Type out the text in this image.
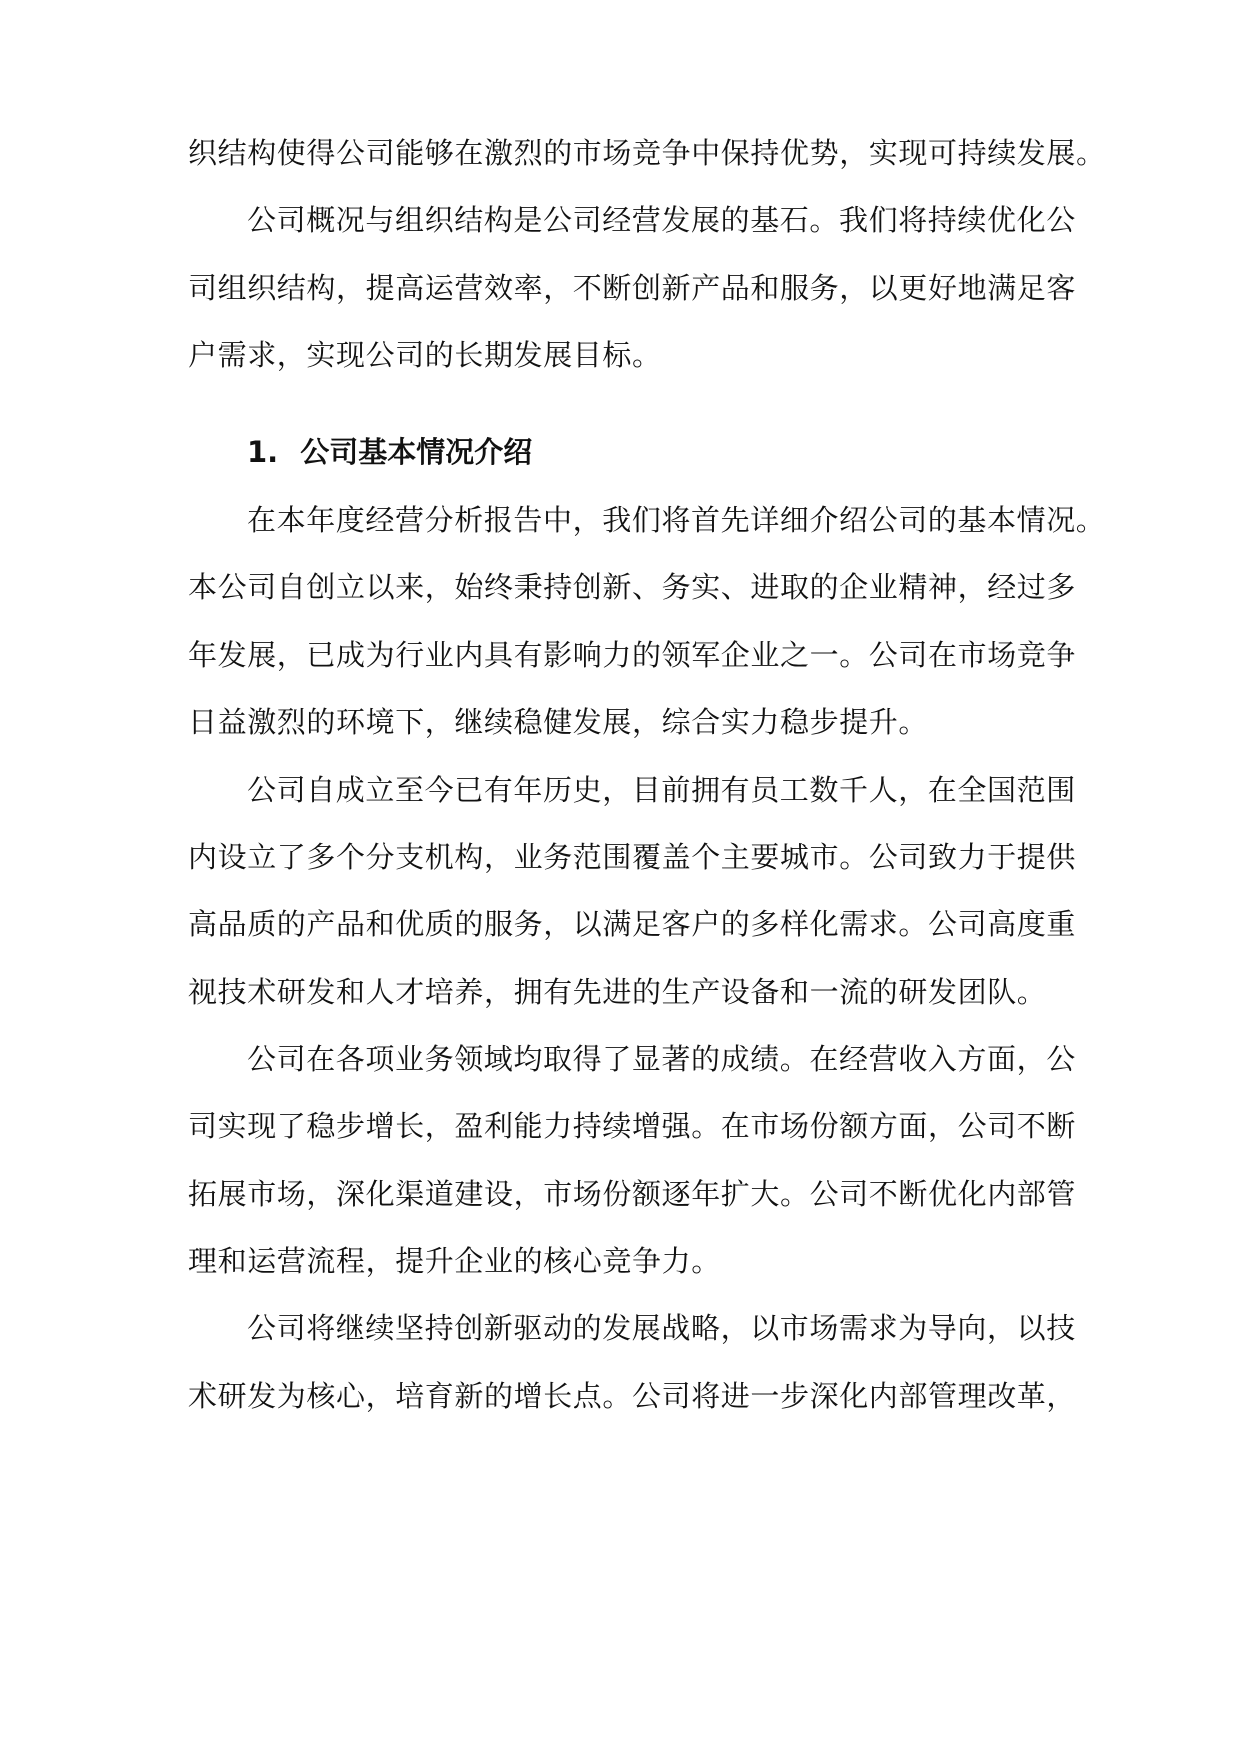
织结构使得公司能够在激烈的市场竞争中保持优势，实现可持续发展。
公司概况与组织结构是公司经营发展的基石。我们将持续优化公
司组织结构，提高运营效率，不断创新产品和服务，以更好地满足客
户需求，实现公司的长期发展目标。
1. 公司基本情况介绍
在本年度经营分析报告中，我们将首先详细介绍公司的基本情况。
本公司自创立以来，始终秉持创新、务实、进取的企业精神，经过多
年发展，已成为行业内具有影响力的领军企业之一。公司在市场竞争
日益激烈的环境下，继续稳健发展，综合实力稳步提升。
公司自成立至今已有年历史，目前拥有员工数千人，在全国范围
内设立了多个分支机构，业务范围覆盖个主要城市。公司致力于提供
高品质的产品和优质的服务，以满足客户的多样化需求。公司高度重
视技术研发和人才培养，拥有先进的生产设备和一流的研发团队。
公司在各项业务领域均取得了显著的成绩。在经营收入方面，公
司实现了稳步增长，盈利能力持续增强。在市场份额方面，公司不断
拓展市场，深化渠道建设，市场份额逐年扩大。公司不断优化内部管
理和运营流程，提升企业的核心竞争力。
公司将继续坚持创新驱动的发展战略，以市场需求为导向，以技
术研发为核心，培育新的增长点。公司将进一步深化内部管理改革，
